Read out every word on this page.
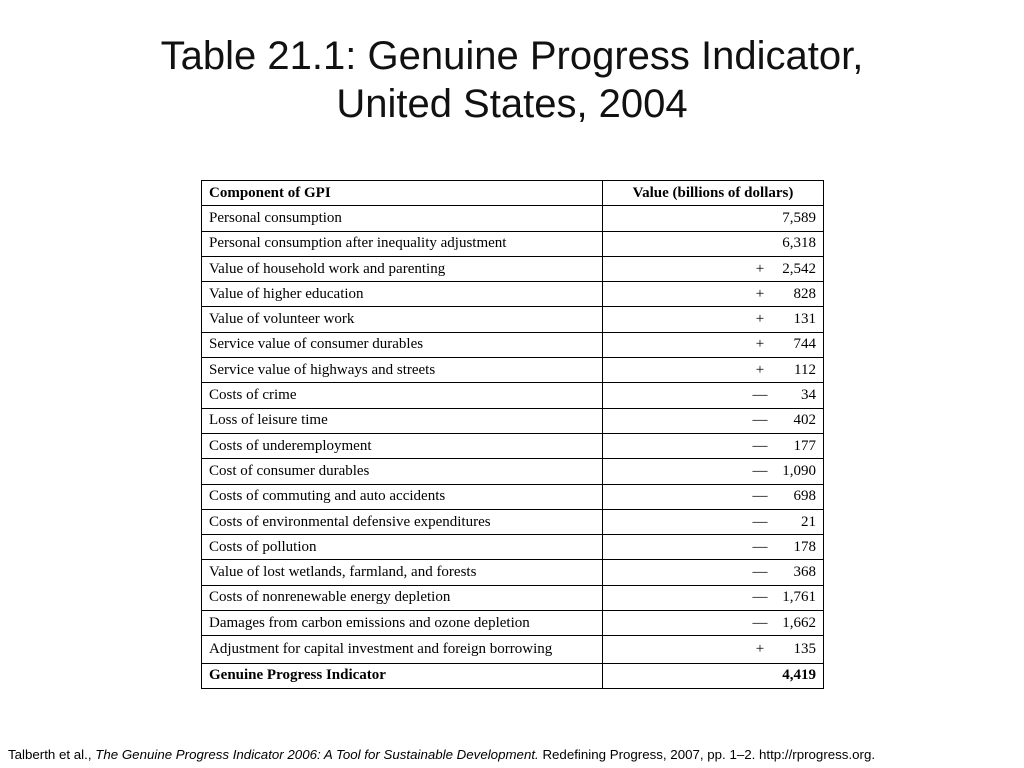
Table 21.1: Genuine Progress Indicator,
United States, 2004
Component of GPI	Value (billions of dollars)
Personal consumption	7,589
Personal consumption after inequality adjustment	6,318
Value of household work and parenting	+ 2,542
Value of higher education	+ 828
Value of volunteer work	+ 131
Service value of consumer durables	+ 744
Service value of highways and streets	+ 112
Costs of crime	— 34
Loss of leisure time	— 402
Costs of underemployment	— 177
Cost of consumer durables	— 1,090
Costs of commuting and auto accidents	— 698
Costs of environmental defensive expenditures	— 21
Costs of pollution	— 178
Value of lost wetlands, farmland, and forests	— 368
Costs of nonrenewable energy depletion	— 1,761
Damages from carbon emissions and ozone depletion	— 1,662
Adjustment for capital investment and foreign borrowing	+ 135
Genuine Progress Indicator	4,419
Talberth et al., The Genuine Progress Indicator 2006: A Tool for Sustainable Development. Redefining Progress, 2007, pp. 1–2. http://rprogress.org.
